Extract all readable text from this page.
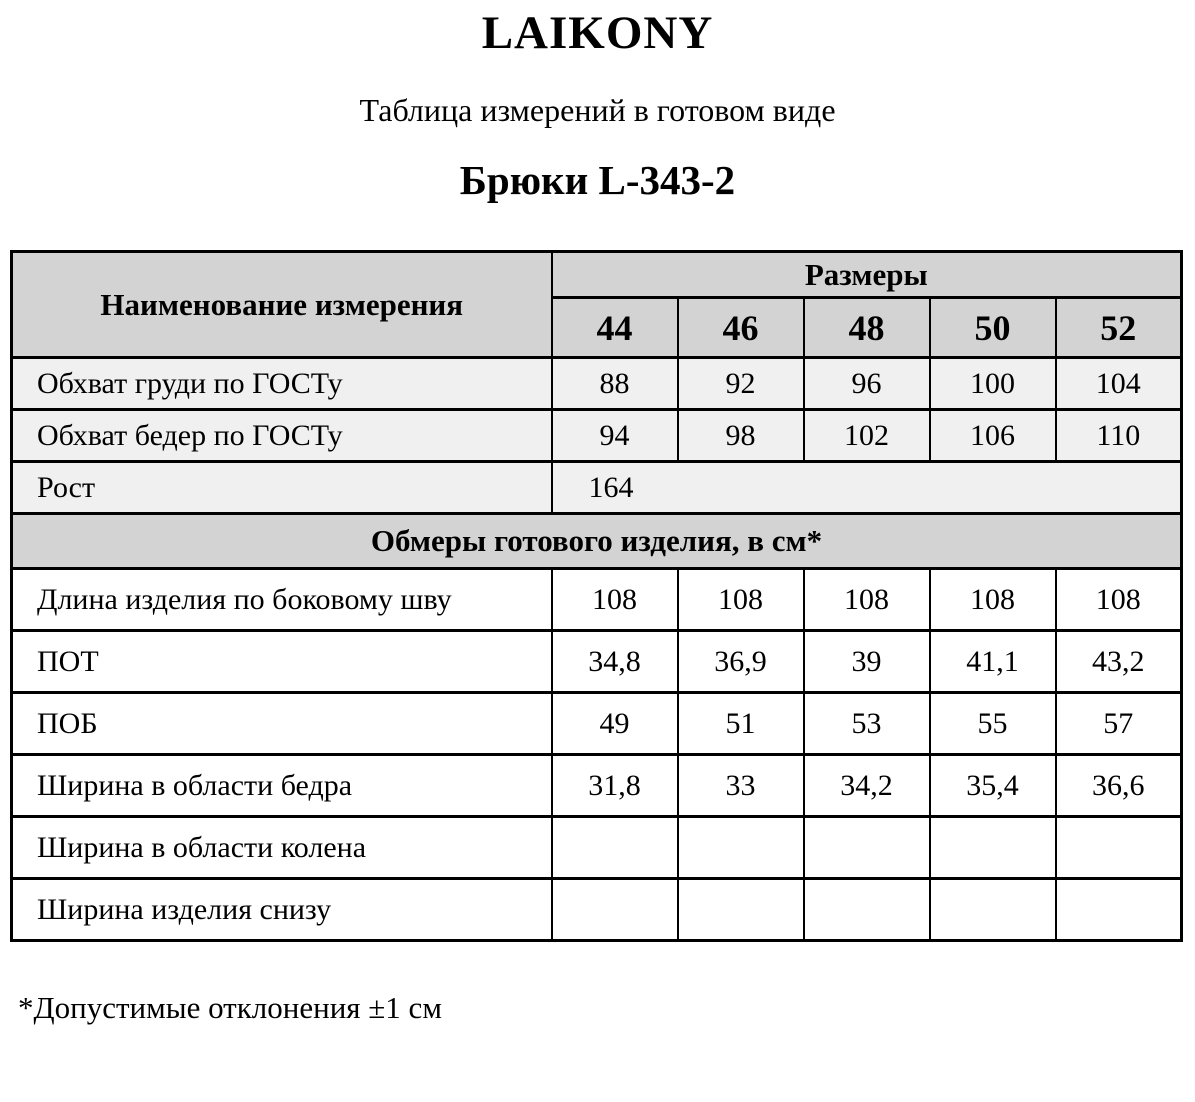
LAIKONY
Таблица измерений в готовом виде
Брюки L-343-2
Наименование измерения	Размеры				
	44	46	48	50	52
Обхват груди по ГОСТу	88	92	96	100	104
Обхват бедер по ГОСТу	94	98	102	106	110
Рост	164				
Обмеры готового изделия, в см*					
Длина изделия по боковому шву	108	108	108	108	108
ПОТ	34,8	36,9	39	41,1	43,2
ПОБ	49	51	53	55	57
Ширина в области бедра	31,8	33	34,2	35,4	36,6
Ширина в области колена					
Ширина изделия снизу					
*Допустимые отклонения ±1 см
